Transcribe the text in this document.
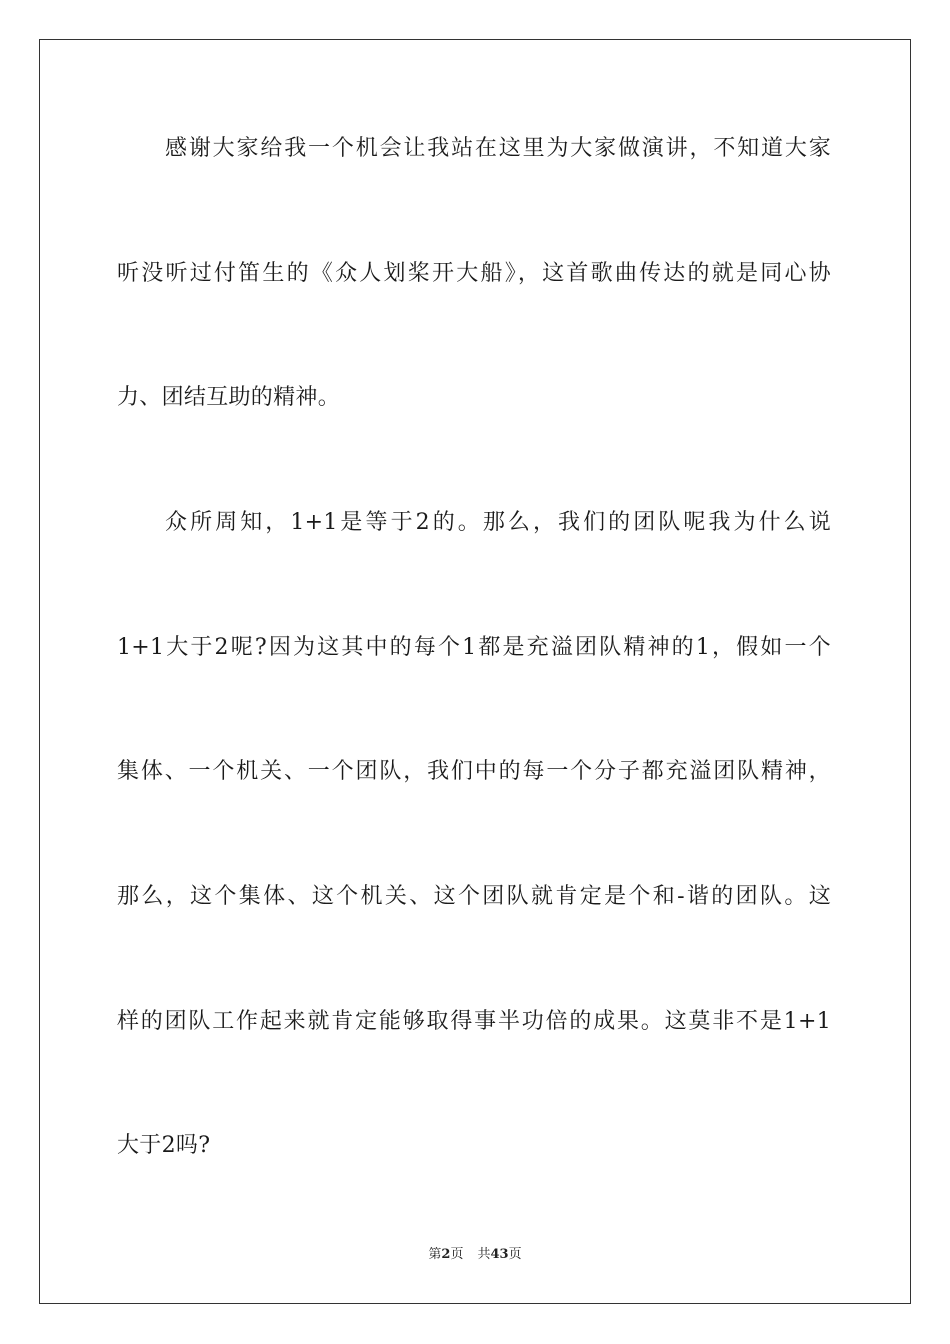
感谢大家给我一个机会让我站在这里为大家做演讲，不知道大家
听没听过付笛生的《众人划桨开大船》，这首歌曲传达的就是同心协
力、团结互助的精神。
众所周知，1+1是等于2的。那么，我们的团队呢我为什么说
1+1大于2呢?因为这其中的每个1都是充溢团队精神的1，假如一个
集体、一个机关、一个团队，我们中的每一个分子都充溢团队精神，
那么，这个集体、这个机关、这个团队就肯定是个和-谐的团队。这
样的团队工作起来就肯定能够取得事半功倍的成果。这莫非不是1+1
大于2吗?
第2页 共43页
